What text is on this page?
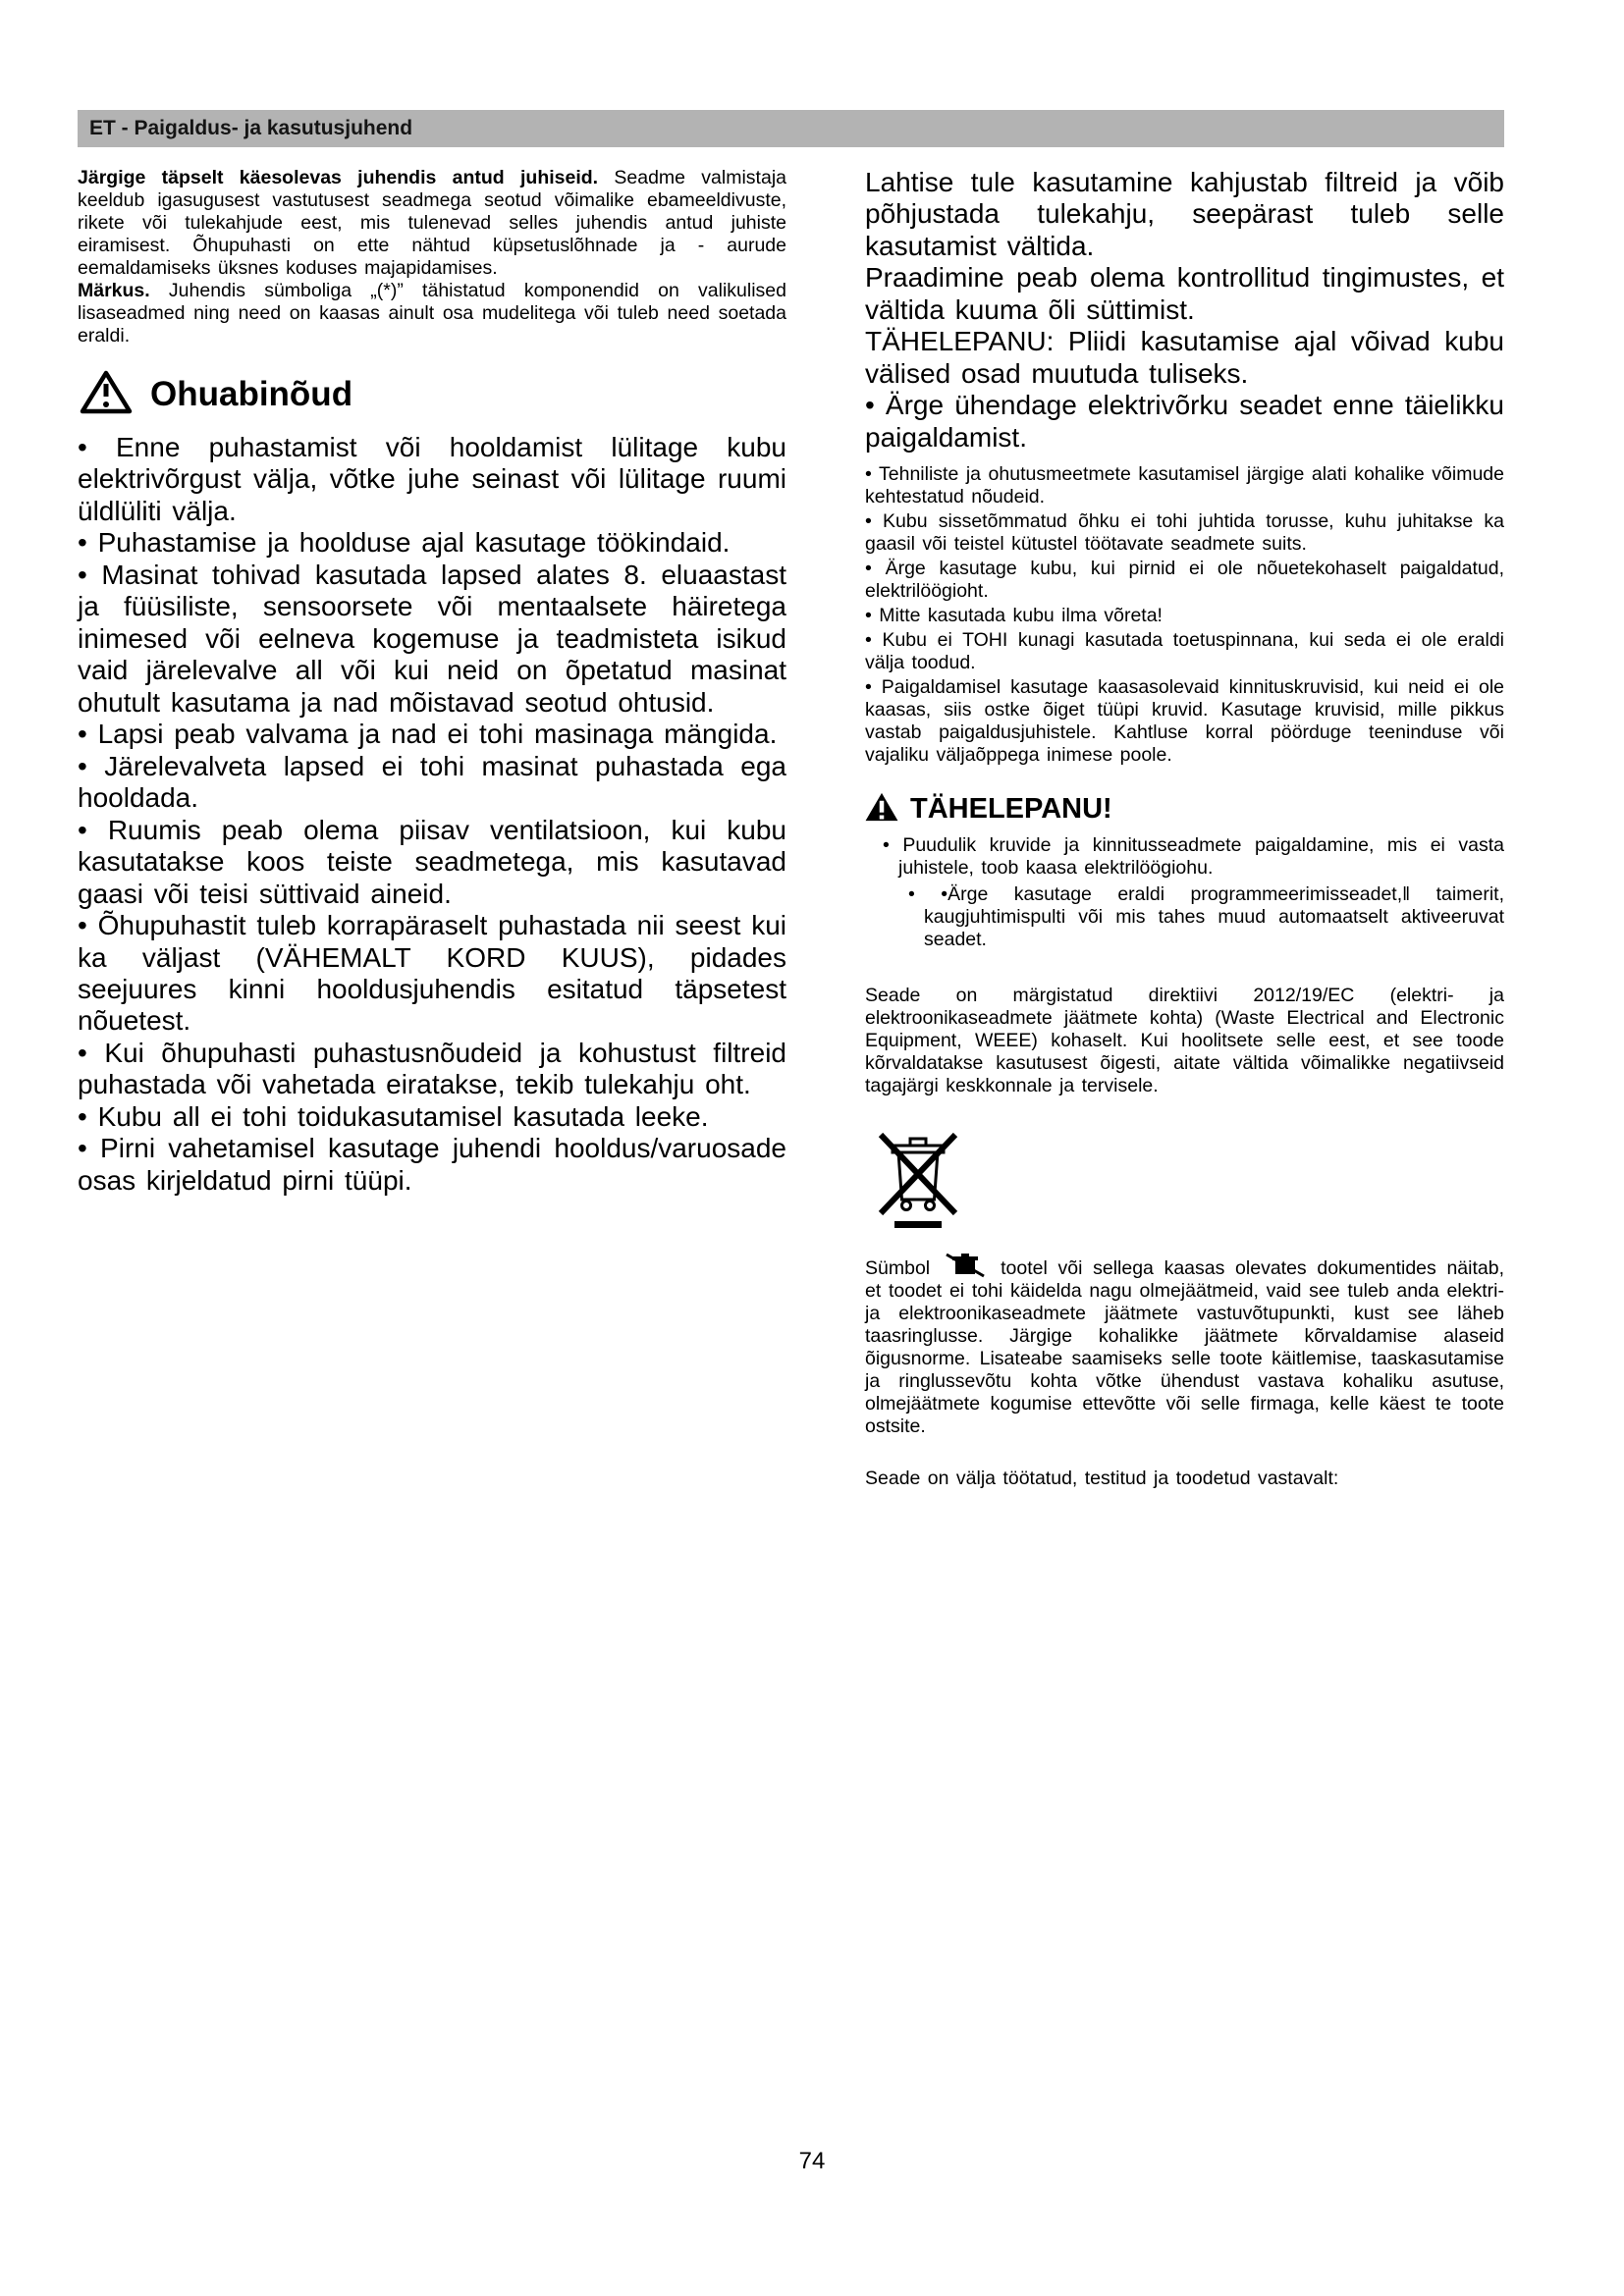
ET - Paigaldus- ja kasutusjuhend

Järgige täpselt käesolevas juhendis antud juhiseid. Seadme valmistaja keeldub igasugusest vastutusest seadmega seotud võimalike ebameeldivuste, rikete või tulekahjude eest, mis tulenevad selles juhendis antud juhiste eiramisest. Õhupuhasti on ette nähtud küpsetuslõhnade ja - aurude eemaldamiseks üksnes koduses majapidamises.

Märkus. Juhendis sümboliga „(*)” tähistatud komponendid on valikulised lisaseadmed ning need on kaasas ainult osa mudelitega või tuleb need soetada eraldi.

Ohuabinõud

• Enne puhastamist või hooldamist lülitage kubu elektrivõrgust välja, võtke juhe seinast või lülitage ruumi üldlüliti välja.

• Puhastamise ja hoolduse ajal kasutage töökindaid.

• Masinat tohivad kasutada lapsed alates 8. eluaastast ja füüsiliste, sensoorsete või mentaalsete häiretega inimesed või eelneva kogemuse ja teadmisteta isikud vaid järelevalve all või kui neid on õpetatud masinat ohutult kasutama ja nad mõistavad seotud ohtusid.

• Lapsi peab valvama ja nad ei tohi masinaga mängida.

• Järelevalveta lapsed ei tohi masinat puhastada ega hooldada.

• Ruumis peab olema piisav ventilatsioon, kui kubu kasutatakse koos teiste seadmetega, mis kasutavad gaasi või teisi süttivaid aineid.

• Õhupuhastit tuleb korrapäraselt puhastada nii seest kui ka väljast (VÄHEMALT KORD KUUS), pidades seejuures kinni hooldusjuhendis esitatud täpsetest nõuetest.

• Kui õhupuhasti puhastusnõudeid ja kohustust filtreid puhastada või vahetada eiratakse, tekib tulekahju oht.

• Kubu all ei tohi toidukasutamisel kasutada leeke.

• Pirni vahetamisel kasutage juhendi hooldus/varuosade osas kirjeldatud pirni tüüpi.

Lahtise tule kasutamine kahjustab filtreid ja võib põhjustada tulekahju, seepärast tuleb selle kasutamist vältida.

Praadimine peab olema kontrollitud tingimustes, et vältida kuuma õli süttimist.

TÄHELEPANU: Pliidi kasutamise ajal võivad kubu välised osad muutuda tuliseks.

• Ärge ühendage elektrivõrku seadet enne täielikku paigaldamist.

• Tehniliste ja ohutusmeetmete kasutamisel järgige alati kohalike võimude kehtestatud nõudeid.

• Kubu sissetõmmatud õhku ei tohi juhtida torusse, kuhu juhitakse ka gaasil või teistel kütustel töötavate seadmete suits.

• Ärge kasutage kubu, kui pirnid ei ole nõuetekohaselt paigaldatud, elektrilöögioht.

• Mitte kasutada kubu ilma võreta!

• Kubu ei TOHI kunagi kasutada toetuspinnana, kui seda ei ole eraldi välja toodud.

• Paigaldamisel kasutage kaasasolevaid kinnituskruvisid, kui neid ei ole kaasas, siis ostke õiget tüüpi kruvid. Kasutage kruvisid, mille pikkus vastab paigaldusjuhistele. Kahtluse korral pöörduge teeninduse või vajaliku väljaõppega inimese poole.

TÄHELEPANU!

• Puudulik kruvide ja kinnitusseadmete paigaldamine, mis ei vasta juhistele, toob kaasa elektrilöögiohu.

• •Ärge kasutage eraldi programmeerimisseadet,‖ taimerit, kaugjuhtimispulti või mis tahes muud automaatselt aktiveeruvat seadet.

Seade on märgistatud direktiivi 2012/19/EC (elektri- ja elektroonikaseadmete jäätmete kohta) (Waste Electrical and Electronic Equipment, WEEE) kohaselt. Kui hoolitsete selle eest, et see toode kõrvaldatakse kasutusest õigesti, aitate vältida võimalikke negatiivseid tagajärgi keskkonnale ja tervisele.

Sümbol	tootel või sellega kaasas olevates dokumentides näitab, et toodet ei tohi käidelda nagu olmejäätmeid, vaid see tuleb anda elektri- ja elektroonikaseadmete jäätmete vastuvõtupunkti, kust see läheb taasringlusse. Järgige kohalikke jäätmete kõrvaldamise alaseid õigusnorme. Lisateabe saamiseks selle toote käitlemise, taaskasutamise ja ringlussevõtu kohta võtke ühendust vastava kohaliku asutuse, olmejäätmete kogumise ettevõtte või selle firmaga, kelle käest te toote ostsite.

Seade on välja töötatud, testitud ja toodetud vastavalt:

74
